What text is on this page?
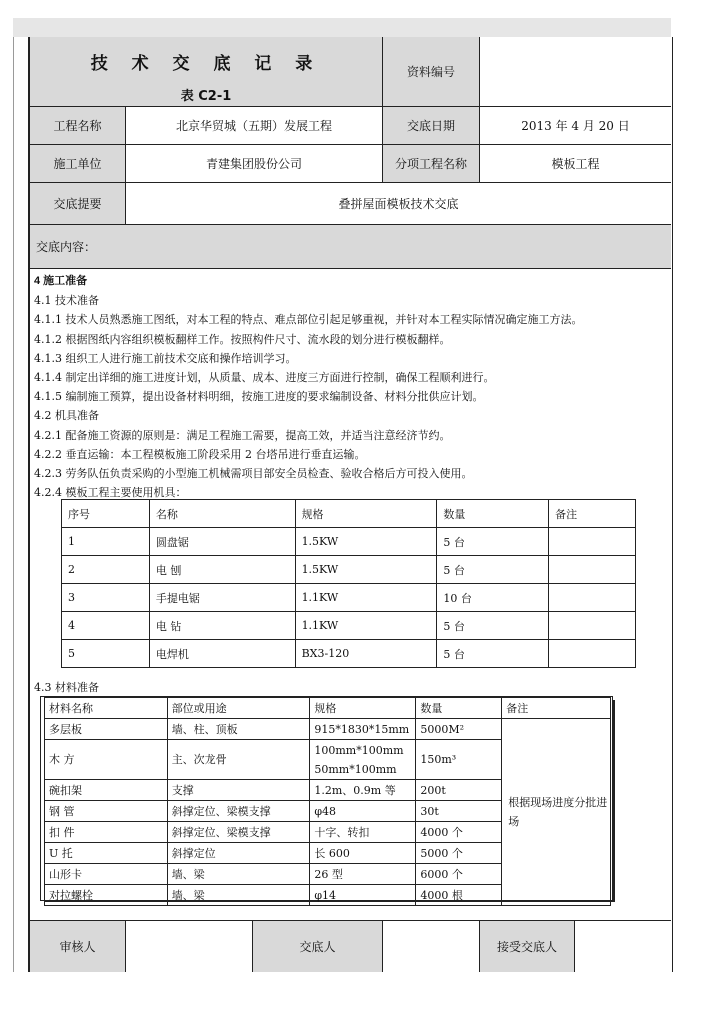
技 术 交 底 记 录
表 C2-1
资料编号
工程名称	北京华贸城（五期）发展工程	交底日期	2013 年 4 月 20 日
施工单位	青建集团股份公司	分项工程名称	模板工程
交底提要	叠拼屋面模板技术交底
交底内容：
审核人	交底人	接受交底人

4 施工准备

4.1 技术准备

4.1.1 技术人员熟悉施工图纸，对本工程的特点、难点部位引起足够重视，并针对本工程实际情况确定施工方法。

4.1.2 根据图纸内容组织模板翻样工作。按照构件尺寸、流水段的划分进行模板翻样。

4.1.3 组织工人进行施工前技术交底和操作培训学习。

4.1.4 制定出详细的施工进度计划，从质量、成本、进度三方面进行控制，确保工程顺利进行。

4.1.5 编制施工预算，提出设备材料明细，按施工进度的要求编制设备、材料分批供应计划。

4.2 机具准备

4.2.1 配备施工资源的原则是：满足工程施工需要，提高工效，并适当注意经济节约。

4.2.2 垂直运输：本工程模板施工阶段采用 2 台塔吊进行垂直运输。

4.2.3 劳务队伍负责采购的小型施工机械需项目部安全员检查、验收合格后方可投入使用。

4.2.4 模板工程主要使用机具：

序号	名称	规格	数量	备注
1	圆盘锯	1.5KW	5 台	
2	电 刨	1.5KW	5 台	
3	手提电锯	1.1KW	10 台	
4	电 钻	1.1KW	5 台	
5	电焊机	BX3-120	5 台	
4.3 材料准备
材料名称	部位或用途	规格	数量	备注
多层板	墙、柱、顶板	915*1830*15mm	5000M²	根据现场进度分批进场
木 方	主、次龙骨	100mm*100mm
50mm*100mm	150m³	
碗扣架	支撑	1.2m、0.9m 等	200t	
钢 管	斜撑定位、梁模支撑	φ48	30t	
扣 件	斜撑定位、梁模支撑	十字、转扣	4000 个	
U 托	斜撑定位	长 600	5000 个	
山形卡	墙、梁	26 型	6000 个	
对拉螺栓	墙、梁	φ14	4000 根	
